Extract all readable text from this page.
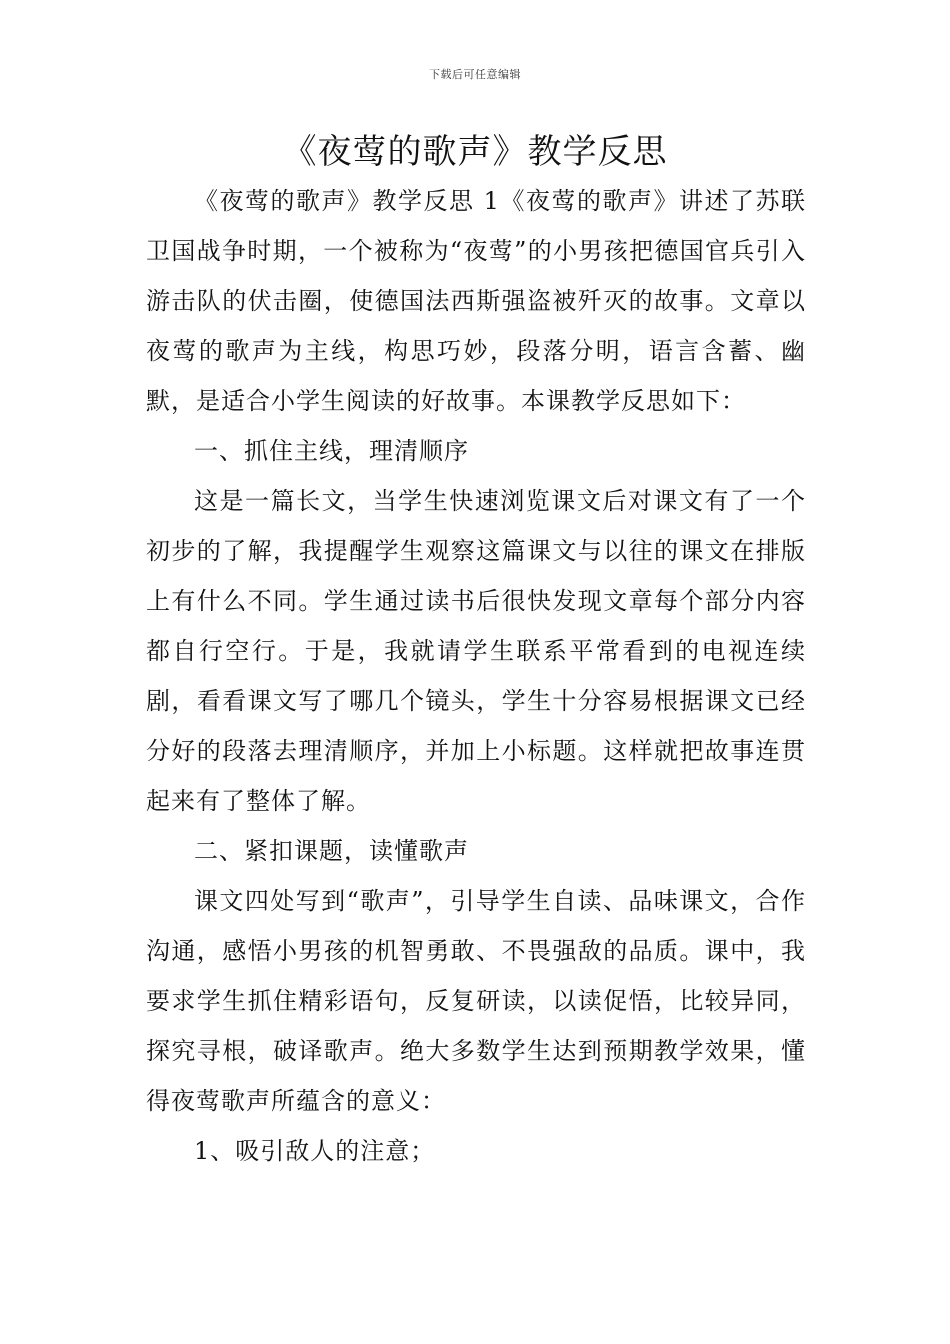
下载后可任意编辑
《夜莺的歌声》教学反思

《夜莺的歌声》教学反思 1《夜莺的歌声》讲述了苏联卫国战争时期，一个被称为“夜莺”的小男孩把德国官兵引入游击队的伏击圈，使德国法西斯强盗被歼灭的故事。文章以夜莺的歌声为主线，构思巧妙，段落分明，语言含蓄、幽默，是适合小学生阅读的好故事。本课教学反思如下：

一、抓住主线，理清顺序

这是一篇长文，当学生快速浏览课文后对课文有了一个初步的了解，我提醒学生观察这篇课文与以往的课文在排版上有什么不同。学生通过读书后很快发现文章每个部分内容都自行空行。于是，我就请学生联系平常看到的电视连续剧，看看课文写了哪几个镜头，学生十分容易根据课文已经分好的段落去理清顺序，并加上小标题。这样就把故事连贯起来有了整体了解。

二、紧扣课题，读懂歌声

课文四处写到“歌声”，引导学生自读、品味课文，合作沟通，感悟小男孩的机智勇敢、不畏强敌的品质。课中，我要求学生抓住精彩语句，反复研读，以读促悟，比较异同，探究寻根，破译歌声。绝大多数学生达到预期教学效果，懂得夜莺歌声所蕴含的意义：

1、吸引敌人的注意；
